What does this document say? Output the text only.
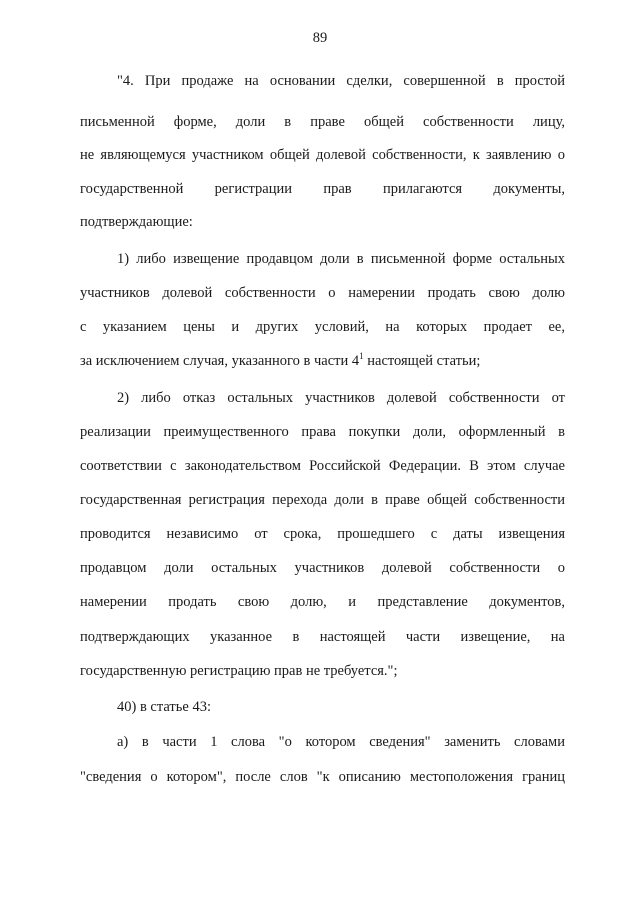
89
"4. При продаже на основании сделки, совершенной в простой
письменной форме, доли в праве общей собственности лицу,
не являющемуся участником общей долевой собственности, к заявлению о
государственной регистрации прав прилагаются документы,
подтверждающие:
1) либо извещение продавцом доли в письменной форме остальных
участников долевой собственности о намерении продать свою долю
с указанием цены и других условий, на которых продает ее,
за исключением случая, указанного в части $4^1$ настоящей статьи;
2) либо отказ остальных участников долевой собственности от
реализации преимущественного права покупки доли, оформленный в
соответствии с законодательством Российской Федерации. В этом случае
государственная регистрация перехода доли в праве общей собственности
проводится независимо от срока, прошедшего с даты извещения
продавцом доли остальных участников долевой собственности о
намерении продать свою долю, и представление документов,
подтверждающих указанное в настоящей части извещение, на
государственную регистрацию прав не требуется.";
40) в статье 43:
а) в части 1 слова "о котором сведения" заменить словами
"сведения о котором", после слов "к описанию местоположения границ
